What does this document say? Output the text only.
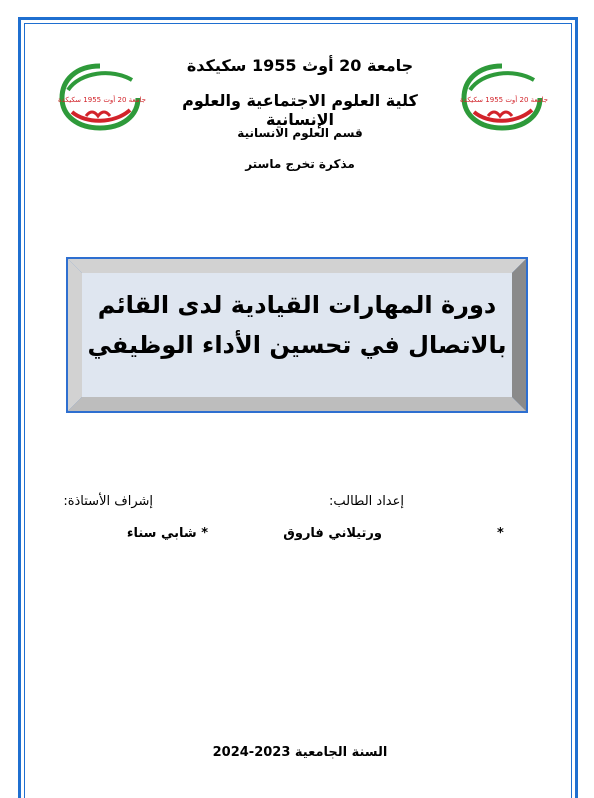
جامعة 20 أوت 1955 سكيكدة	جامعة 20 أوت 1955 سكيكدة
جامعة 20 أوث 1955 سكيكدة
كلية العلوم الاجتماعية والعلوم الإنسانية
قسم العلوم الانسانية
مذكرة تخرج ماستر
دورة المهارات القيادية لدى القائم
بالاتصال في تحسين الأداء الوظيفي
إعداد الطالب:
إشراف الأستاذة:
*
ورتيلاني فاروق
* شابي سناء
السنة الجامعية 2023-2024
